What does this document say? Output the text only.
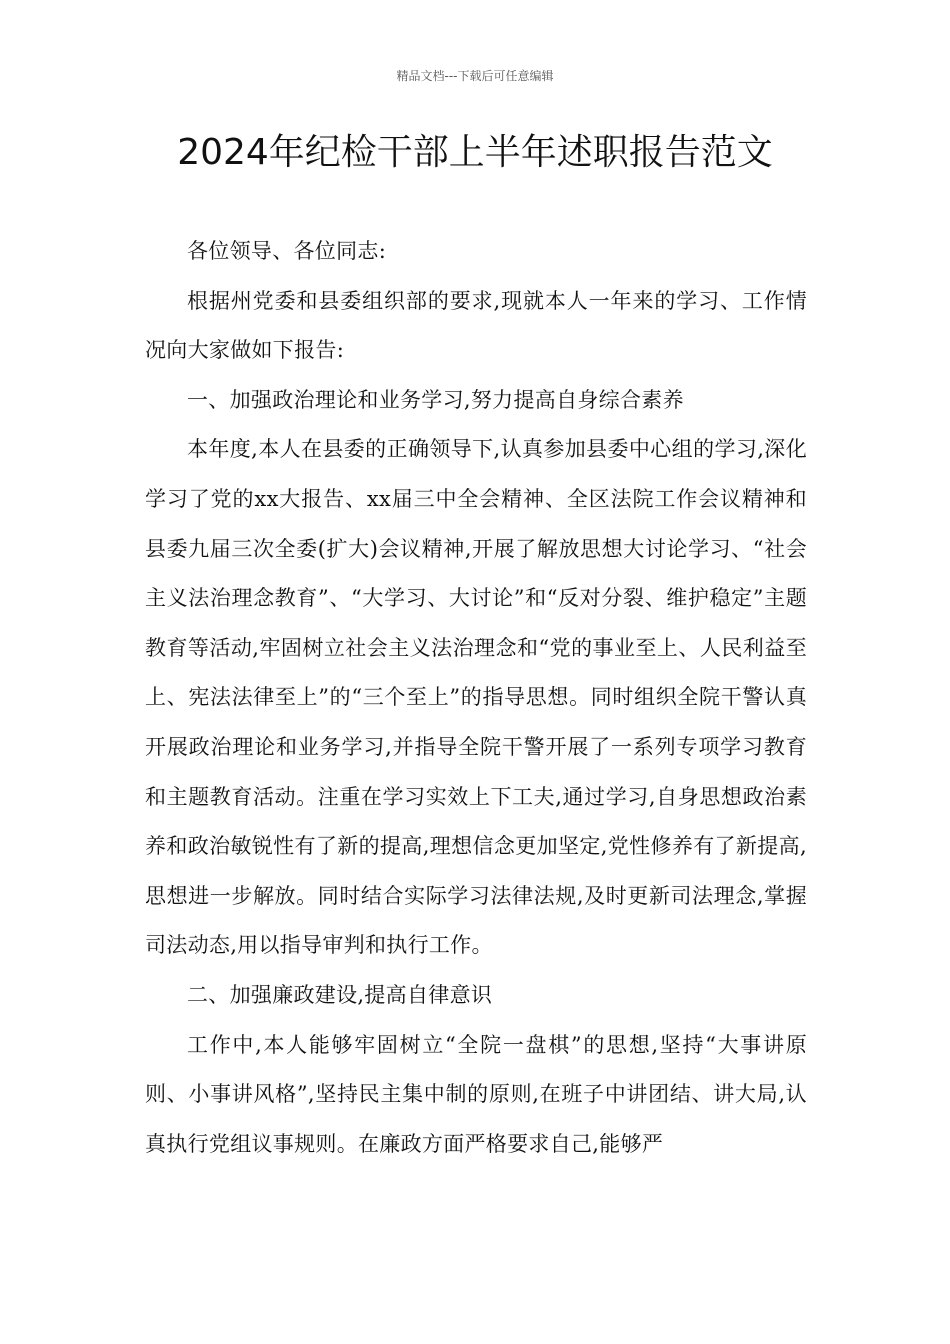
精品文档---下载后可任意编辑
2024年纪检干部上半年述职报告范文

各位领导、各位同志:

根据州党委和县委组织部的要求,现就本人一年来的学习、工作情况向大家做如下报告:

一、加强政治理论和业务学习,努力提高自身综合素养

本年度,本人在县委的正确领导下,认真参加县委中心组的学习,深化学习了党的xx大报告、xx届三中全会精神、全区法院工作会议精神和县委九届三次全委(扩大)会议精神,开展了解放思想大讨论学习、“社会主义法治理念教育”、“大学习、大讨论”和“反对分裂、维护稳定”主题教育等活动,牢固树立社会主义法治理念和“党的事业至上、人民利益至上、宪法法律至上”的“三个至上”的指导思想。同时组织全院干警认真开展政治理论和业务学习,并指导全院干警开展了一系列专项学习教育和主题教育活动。注重在学习实效上下工夫,通过学习,自身思想政治素养和政治敏锐性有了新的提高,理想信念更加坚定,党性修养有了新提高,思想进一步解放。同时结合实际学习法律法规,及时更新司法理念,掌握司法动态,用以指导审判和执行工作。

二、加强廉政建设,提高自律意识

工作中,本人能够牢固树立“全院一盘棋”的思想,坚持“大事讲原则、小事讲风格”,坚持民主集中制的原则,在班子中讲团结、讲大局,认真执行党组议事规则。在廉政方面严格要求自己,能够严
